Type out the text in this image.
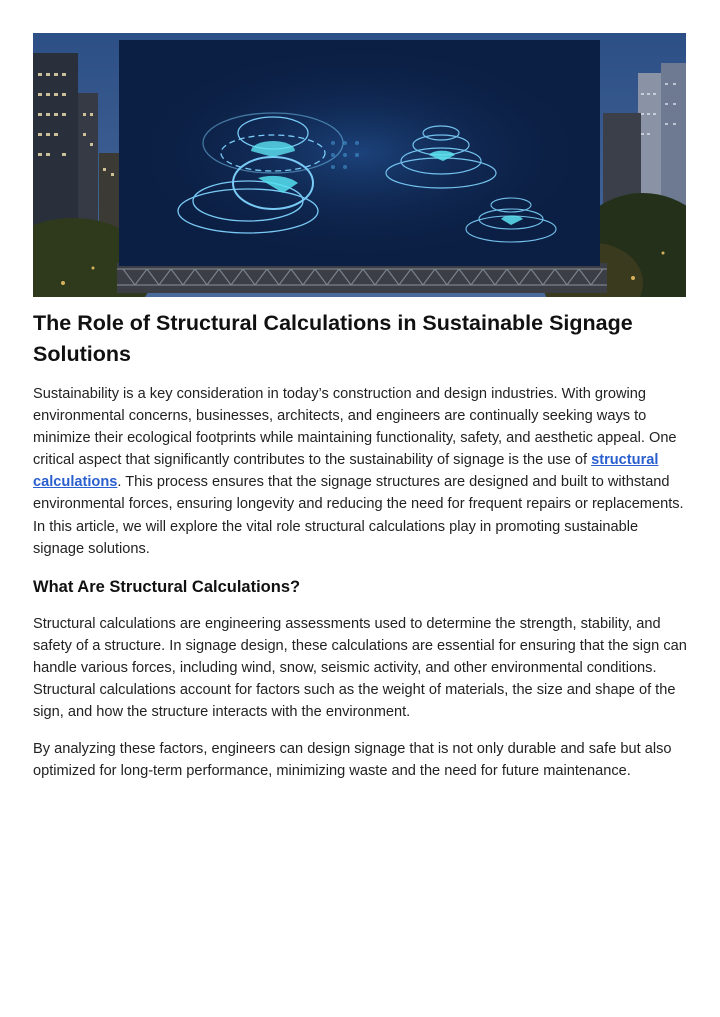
The Role of Structural Calculations in Sustainable Signage Solutions

Sustainability is a key consideration in today’s construction and design industries. With growing environmental concerns, businesses, architects, and engineers are continually seeking ways to minimize their ecological footprints while maintaining functionality, safety, and aesthetic appeal. One critical aspect that significantly contributes to the sustainability of signage is the use of structural calculations. This process ensures that the signage structures are designed and built to withstand environmental forces, ensuring longevity and reducing the need for frequent repairs or replacements. In this article, we will explore the vital role structural calculations play in promoting sustainable signage solutions.

What Are Structural Calculations?

Structural calculations are engineering assessments used to determine the strength, stability, and safety of a structure. In signage design, these calculations are essential for ensuring that the sign can handle various forces, including wind, snow, seismic activity, and other environmental conditions. Structural calculations account for factors such as the weight of materials, the size and shape of the sign, and how the structure interacts with the environment.

By analyzing these factors, engineers can design signage that is not only durable and safe but also optimized for long-term performance, minimizing waste and the need for future maintenance.
